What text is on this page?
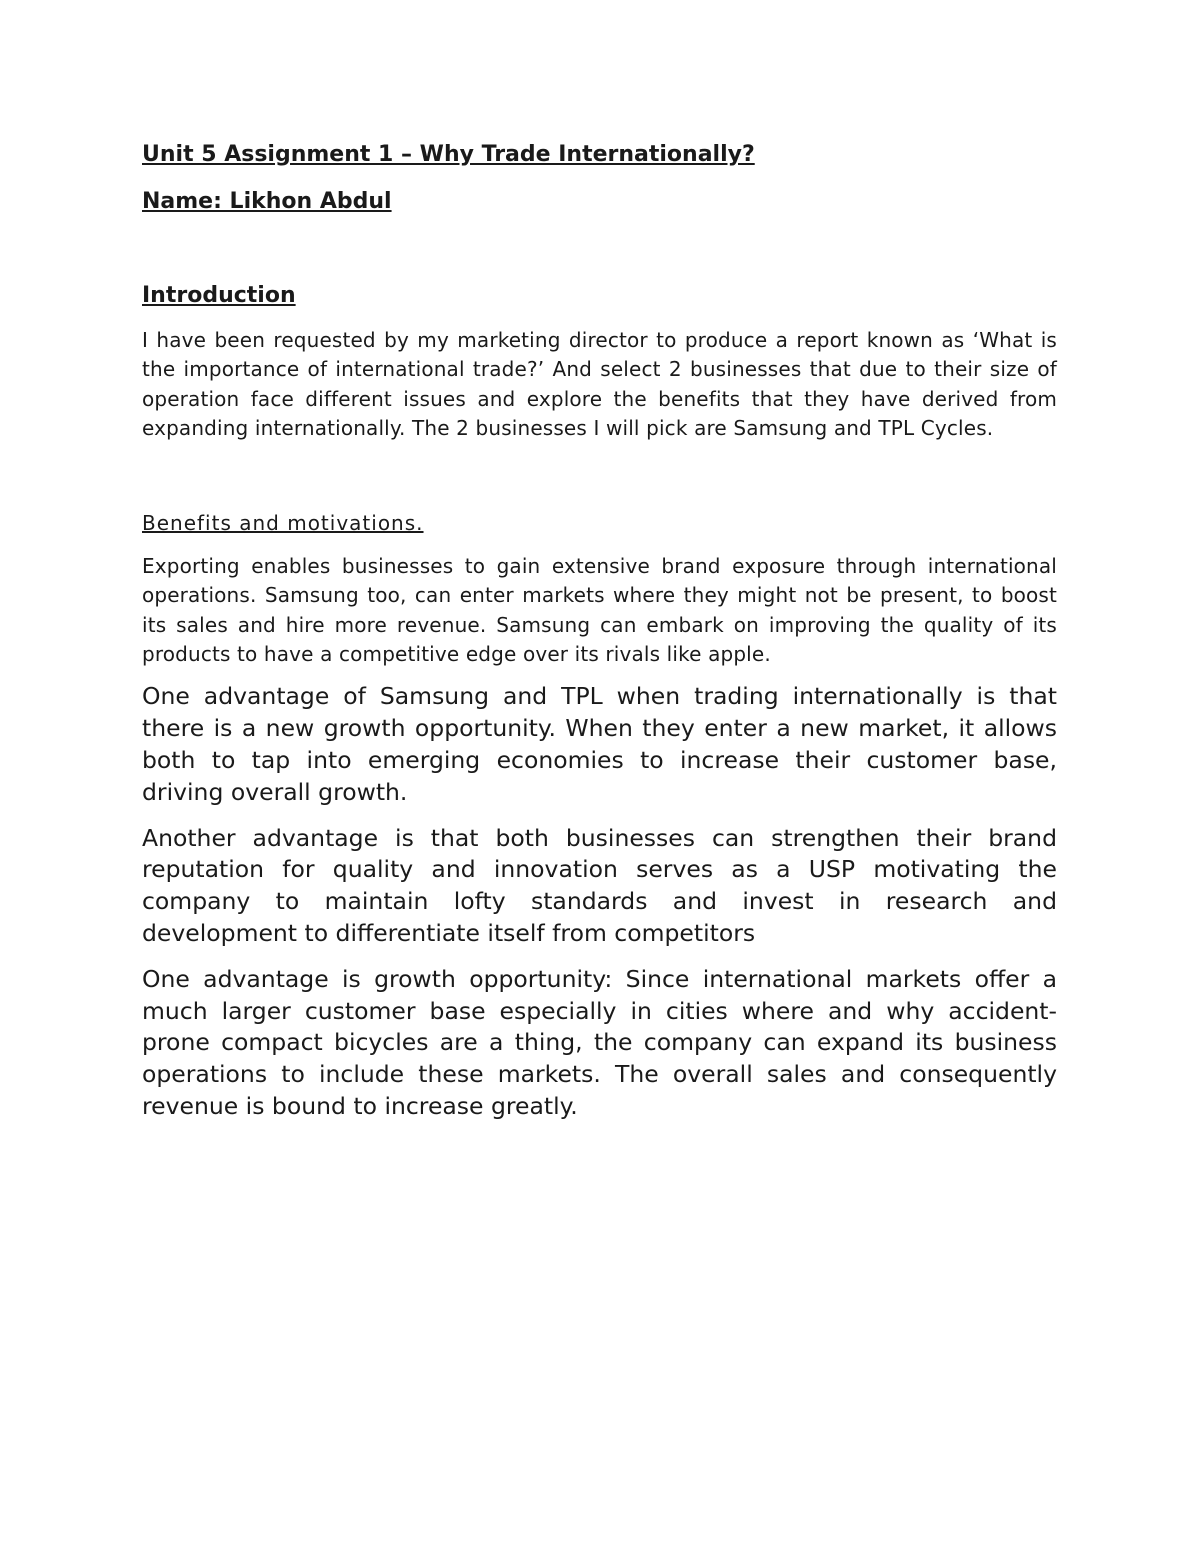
Unit 5 Assignment 1 – Why Trade Internationally?

Name: Likhon Abdul

Introduction

I have been requested by my marketing director to produce a report known as ‘What is the importance of international trade?’ And select 2 businesses that due to their size of operation face different issues and explore the benefits that they have derived from expanding internationally. The 2 businesses I will pick are Samsung and TPL Cycles.

Benefits and motivations.

Exporting enables businesses to gain extensive brand exposure through international operations. Samsung too, can enter markets where they might not be present, to boost its sales and hire more revenue. Samsung can embark on improving the quality of its products to have a competitive edge over its rivals like apple.

One advantage of Samsung and TPL when trading internationally is that there is a new growth opportunity. When they enter a new market, it allows both to tap into emerging economies to increase their customer base, driving overall growth.

Another advantage is that both businesses can strengthen their brand reputation for quality and innovation serves as a USP motivating the company to maintain lofty standards and invest in research and development to differentiate itself from competitors

One advantage is growth opportunity: Since international markets offer a much larger customer base especially in cities where and why accident-prone compact bicycles are a thing, the company can expand its business operations to include these markets. The overall sales and consequently revenue is bound to increase greatly.
